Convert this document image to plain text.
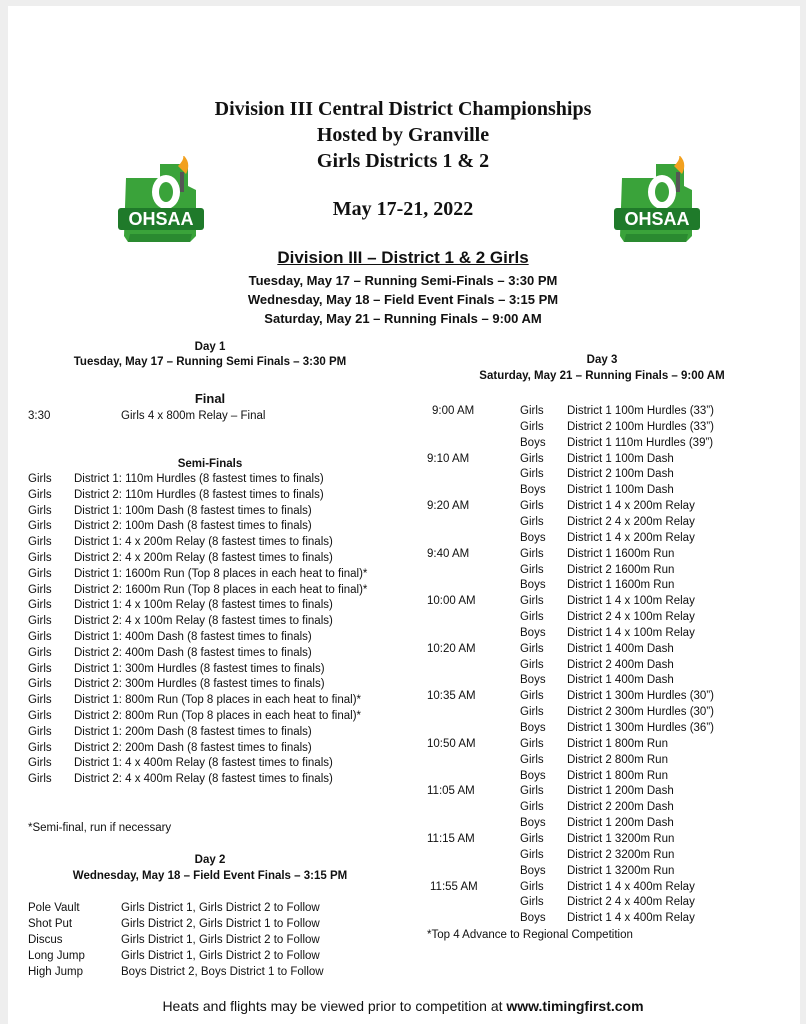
Division III Central District Championships
Hosted by Granville
Girls Districts 1 & 2
May 17-21, 2022
OHSAA	OHSAA
Division III – District 1 & 2 Girls
Tuesday, May 17 – Running Semi-Finals – 3:30 PM
Wednesday, May 18 – Field Event Finals – 3:15 PM
Saturday, May 21 – Running Finals – 9:00 AM
Day 1
Tuesday, May 17 – Running Semi Finals – 3:30 PM
Final
3:30	Girls 4 x 800m Relay – Final
Semi-Finals
Girls District 1: 110m Hurdles (8 fastest times to finals)
Girls District 2: 110m Hurdles (8 fastest times to finals)
Girls District 1: 100m Dash (8 fastest times to finals)
Girls District 2: 100m Dash (8 fastest times to finals)
Girls District 1: 4 x 200m Relay (8 fastest times to finals)
Girls District 2: 4 x 200m Relay (8 fastest times to finals)
Girls District 1: 1600m Run (Top 8 places in each heat to final)*
Girls District 2: 1600m Run (Top 8 places in each heat to final)*
Girls District 1: 4 x 100m Relay (8 fastest times to finals)
Girls District 2: 4 x 100m Relay (8 fastest times to finals)
Girls District 1: 400m Dash (8 fastest times to finals)
Girls District 2: 400m Dash (8 fastest times to finals)
Girls District 1: 300m Hurdles (8 fastest times to finals)
Girls District 2: 300m Hurdles (8 fastest times to finals)
Girls District 1: 800m Run (Top 8 places in each heat to final)*
Girls District 2: 800m Run (Top 8 places in each heat to final)*
Girls District 1: 200m Dash (8 fastest times to finals)
Girls District 2: 200m Dash (8 fastest times to finals)
Girls District 1: 4 x 400m Relay (8 fastest times to finals)
Girls District 2: 4 x 400m Relay (8 fastest times to finals)
*Semi-final, run if necessary
Day 2
Wednesday, May 18 – Field Event Finals – 3:15 PM
Pole Vault	Girls District 1, Girls District 2 to Follow
Shot Put	Girls District 2, Girls District 1 to Follow
Discus	Girls District 1, Girls District 2 to Follow
Long Jump	Girls District 1, Girls District 2 to Follow
High Jump	Boys District 2, Boys District 1 to Follow
Day 3
Saturday, May 21 – Running Finals – 9:00 AM
9:00 AM	Girls District 1 100m Hurdles (33”)
Girls District 2 100m Hurdles (33”)
Boys District 1 110m Hurdles (39”)
9:10 AM	Girls District 1 100m Dash
Girls District 2 100m Dash
Boys District 1 100m Dash
9:20 AM	Girls District 1 4 x 200m Relay
Girls District 2 4 x 200m Relay
Boys District 1 4 x 200m Relay
9:40 AM	Girls District 1 1600m Run
Girls District 2 1600m Run
Boys District 1 1600m Run
10:00 AM	Girls District 1 4 x 100m Relay
Girls District 2 4 x 100m Relay
Boys District 1 4 x 100m Relay
10:20 AM	Girls District 1 400m Dash
Girls District 2 400m Dash
Boys District 1 400m Dash
10:35 AM	Girls District 1 300m Hurdles (30”)
Girls District 2 300m Hurdles (30”)
Boys District 1 300m Hurdles (36”)
10:50 AM	Girls District 1 800m Run
Girls District 2 800m Run
Boys District 1 800m Run
11:05 AM	Girls District 1 200m Dash
Girls District 2 200m Dash
Boys District 1 200m Dash
11:15 AM	Girls District 1 3200m Run
Girls District 2 3200m Run
Boys District 1 3200m Run
11:55 AM	Girls District 1 4 x 400m Relay
Girls District 2 4 x 400m Relay
Boys District 1 4 x 400m Relay
*Top 4 Advance to Regional Competition
Heats and flights may be viewed prior to competition at www.timingfirst.com
